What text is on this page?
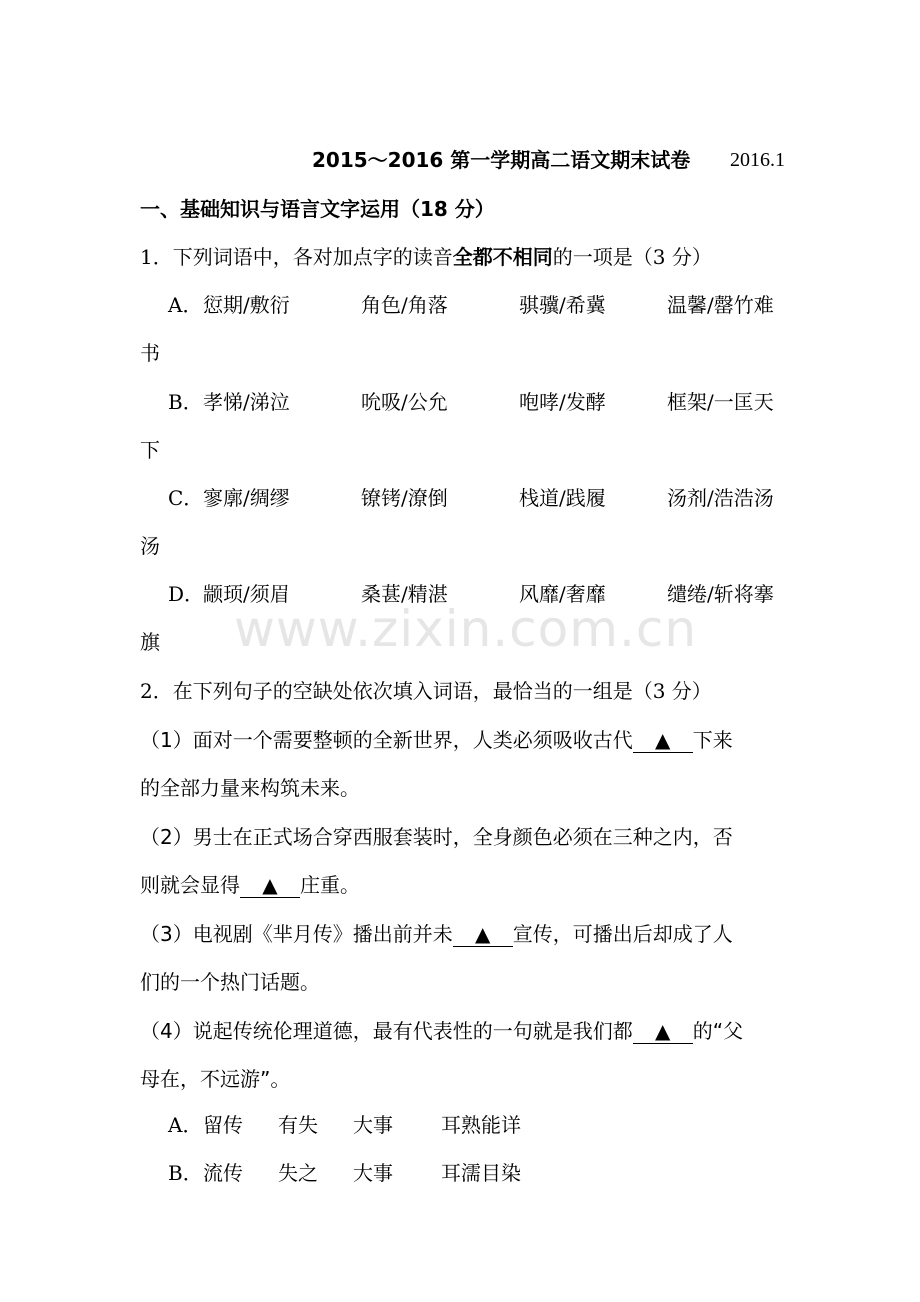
2015～2016 第一学期高二语文期末试卷 2016.1
一、基础知识与语言文字运用（18 分）
1．下列词语中，各对加点字的读音全都不相同的一项是（3 分）
A． 愆期/敷衍	角色/角落	骐骥/希冀	温馨/罄竹难
书
B． 孝悌/涕泣	吮吸/公允	咆哮/发酵	框架/一匡天
下
C． 寥廓/绸缪	镣铐/潦倒	栈道/践履	汤剂/浩浩汤
汤
D．
颛顼/须眉	桑葚/精湛	风靡/奢靡	缱绻/斩将搴
旗 www.zixin.com.cn
2．在下列句子的空缺处依次填入词语，最恰当的一组是（3 分）
（1）面对一个需要整顿的全新世界，人类必须吸收古代 ▲ 下来
的全部力量来构筑未来。
（2）男士在正式场合穿西服套装时，全身颜色必须在三种之内，否
则就会显得 ▲ 庄重。
（3）电视剧《芈月传》播出前并未 ▲ 宣传，可播出后却成了人
们的一个热门话题。
（4）说起传统伦理道德，最有代表性的一句就是我们都 ▲ 的“父
母在，不远游”。
A． 留传 有失 大事 耳熟能详
B． 流传 失之 大事 耳濡目染
